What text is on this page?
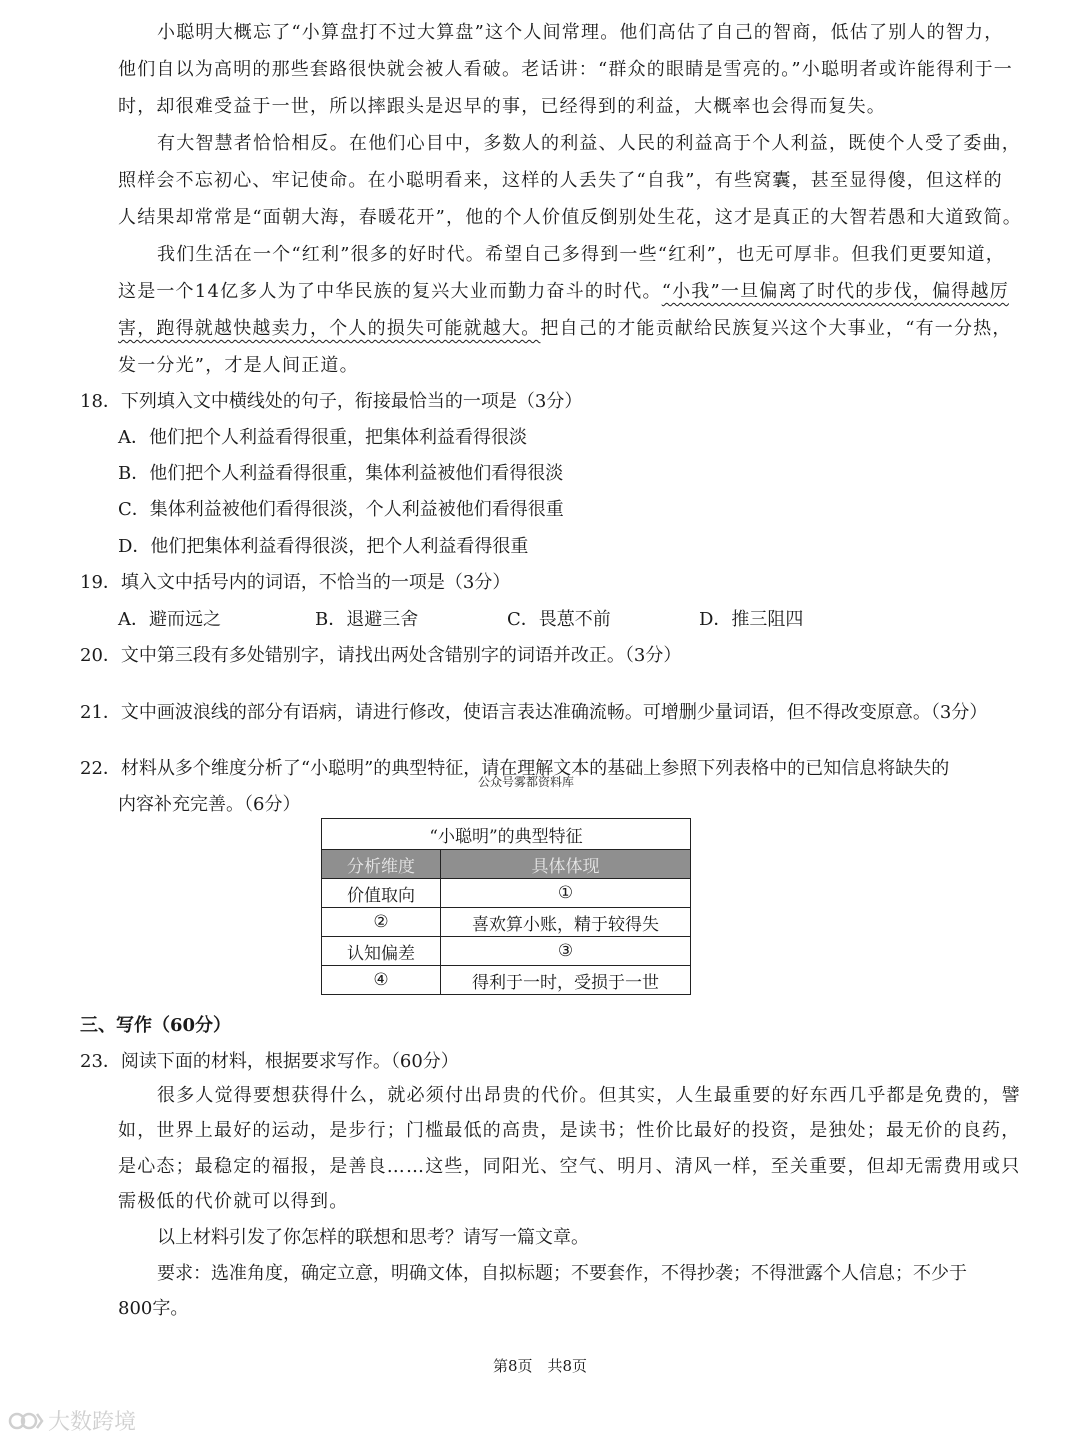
小聪明大概忘了“小算盘打不过大算盘”这个人间常理。他们高估了自己的智商，低估了别人的智力，
他们自以为高明的那些套路很快就会被人看破。老话讲：“群众的眼睛是雪亮的。”小聪明者或许能得利于一
时，却很难受益于一世，所以摔跟头是迟早的事，已经得到的利益，大概率也会得而复失。
有大智慧者恰恰相反。在他们心目中，多数人的利益、人民的利益高于个人利益，既使个人受了委曲，
照样会不忘初心、牢记使命。在小聪明看来，这样的人丢失了“自我”，有些窝囊，甚至显得傻，但这样的
人结果却常常是“面朝大海，春暖花开”，他的个人价值反倒别处生花，这才是真正的大智若愚和大道致简。
我们生活在一个“红利”很多的好时代。希望自己多得到一些“红利”，也无可厚非。但我们更要知道，
这是一个14亿多人为了中华民族的复兴大业而勤力奋斗的时代。“小我”一旦偏离了时代的步伐，偏得越厉
害，跑得就越快越卖力，个人的损失可能就越大。把自己的才能贡献给民族复兴这个大事业，“有一分热，
发一分光”，才是人间正道。
18．下列填入文中横线处的句子，衔接最恰当的一项是（3分）
A．他们把个人利益看得很重，把集体利益看得很淡
B．他们把个人利益看得很重，集体利益被他们看得很淡
C．集体利益被他们看得很淡，个人利益被他们看得很重
D．他们把集体利益看得很淡，把个人利益看得很重
19．填入文中括号内的词语，不恰当的一项是（3分）
A．避而远之	B．退避三舍	C．畏葸不前	D．推三阻四
20．文中第三段有多处错别字，请找出两处含错别字的词语并改正。（3分）
21．文中画波浪线的部分有语病，请进行修改，使语言表达准确流畅。可增删少量词语，但不得改变原意。（3分）
22．材料从多个维度分析了“小聪明”的典型特征，请在理解文本的基础上参照下列表格中的已知信息将缺失的
公众号雾都资料库
内容补充完善。（6分）
“小聪明”的典型特征	
分析维度	具体体现
价值取向	①
②	喜欢算小账，精于较得失
认知偏差	③
④	得利于一时，受损于一世
三、写作（60分）
23．阅读下面的材料，根据要求写作。（60分）
很多人觉得要想获得什么，就必须付出昂贵的代价。但其实，人生最重要的好东西几乎都是免费的，譬
如，世界上最好的运动，是步行；门槛最低的高贵，是读书；性价比最好的投资，是独处；最无价的良药，
是心态；最稳定的福报，是善良……这些，同阳光、空气、明月、清风一样，至关重要，但却无需费用或只
需极低的代价就可以得到。
以上材料引发了你怎样的联想和思考？请写一篇文章。
要求：选准角度，确定立意，明确文体，自拟标题；不要套作，不得抄袭；不得泄露个人信息；不少于
800字。
第8页　共8页
大数跨境
